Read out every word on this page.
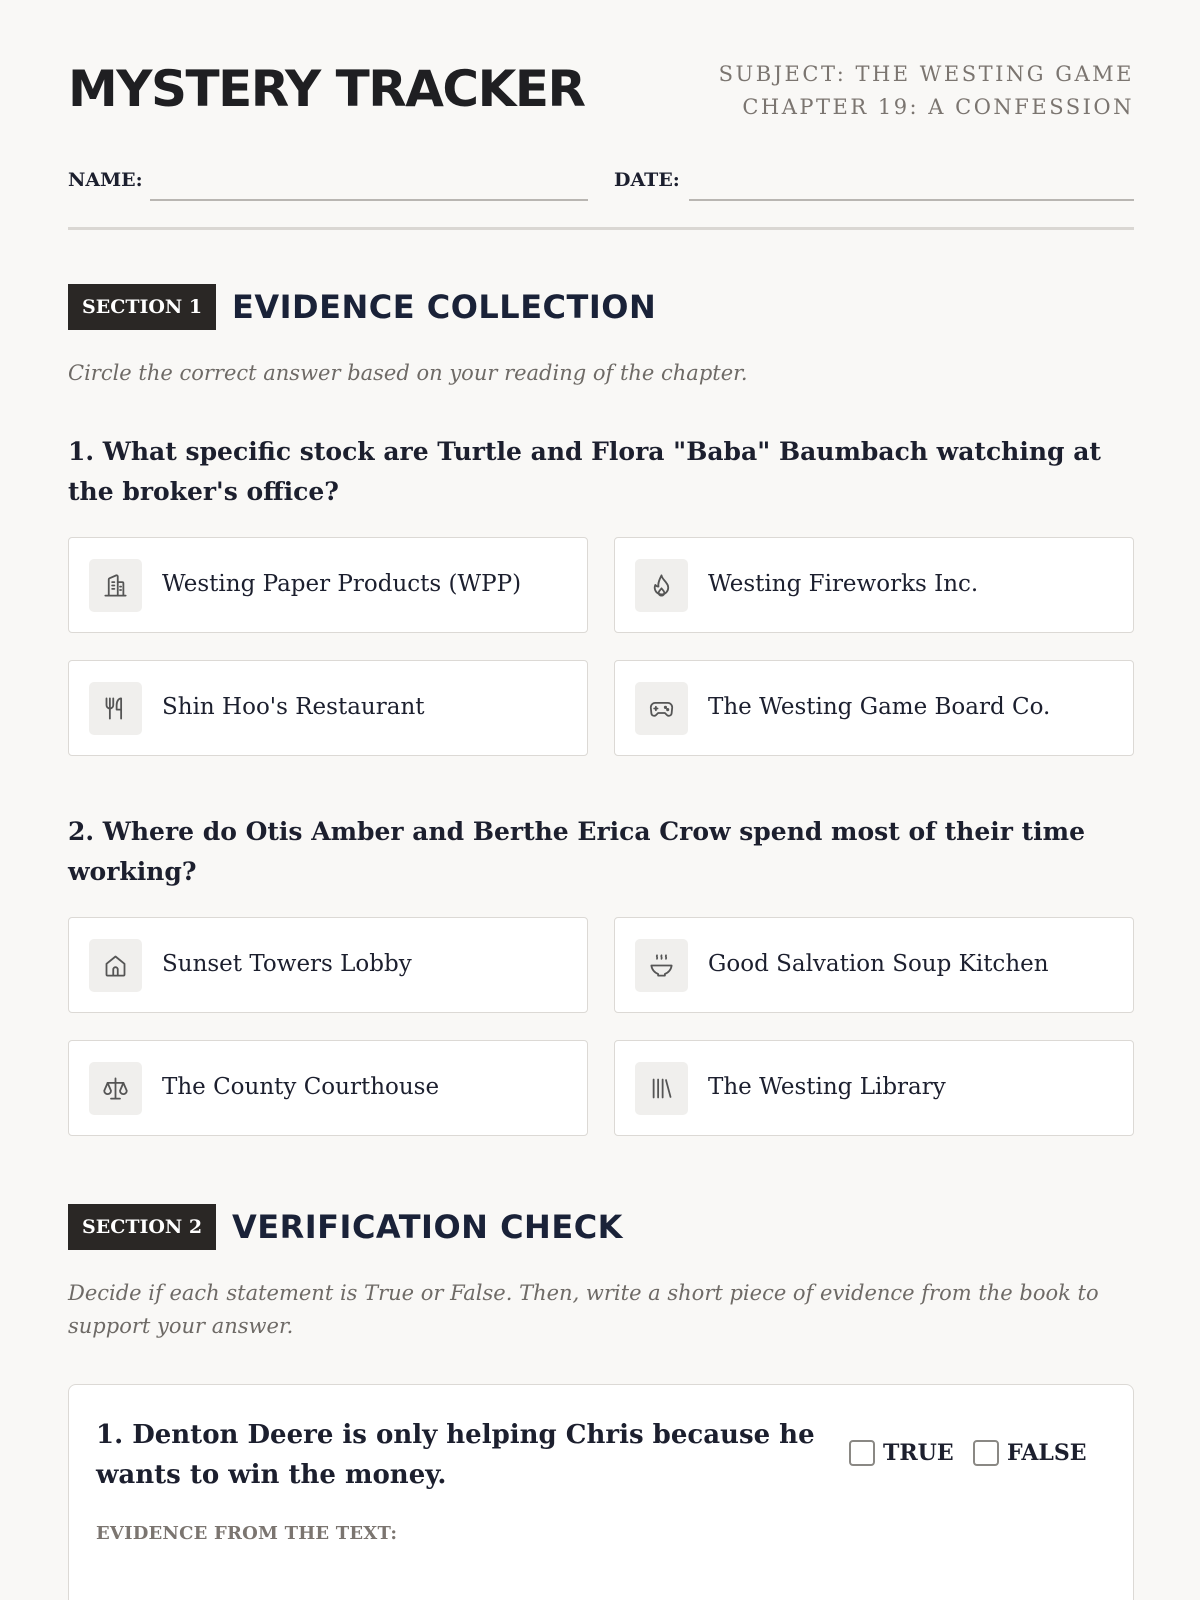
MYSTERY TRACKER	SUBJECT: THE WESTING GAME
CHAPTER 19: A CONFESSION
NAME:	DATE:
SECTION 1 EVIDENCE COLLECTION
Circle the correct answer based on your reading of the chapter.
1. What specific stock are Turtle and Flora "Baba" Baumbach watching at the broker's office?
Westing Paper Products (WPP)	Westing Fireworks Inc.
Shin Hoo's Restaurant	The Westing Game Board Co.
2. Where do Otis Amber and Berthe Erica Crow spend most of their time working?
Sunset Towers Lobby	Good Salvation Soup Kitchen
The County Courthouse	The Westing Library
SECTION 2 VERIFICATION CHECK
Decide if each statement is True or False. Then, write a short piece of evidence from the book to support your answer.
1. Denton Deere is only helping Chris because he wants to win the money.
TRUE FALSE
EVIDENCE FROM THE TEXT:
